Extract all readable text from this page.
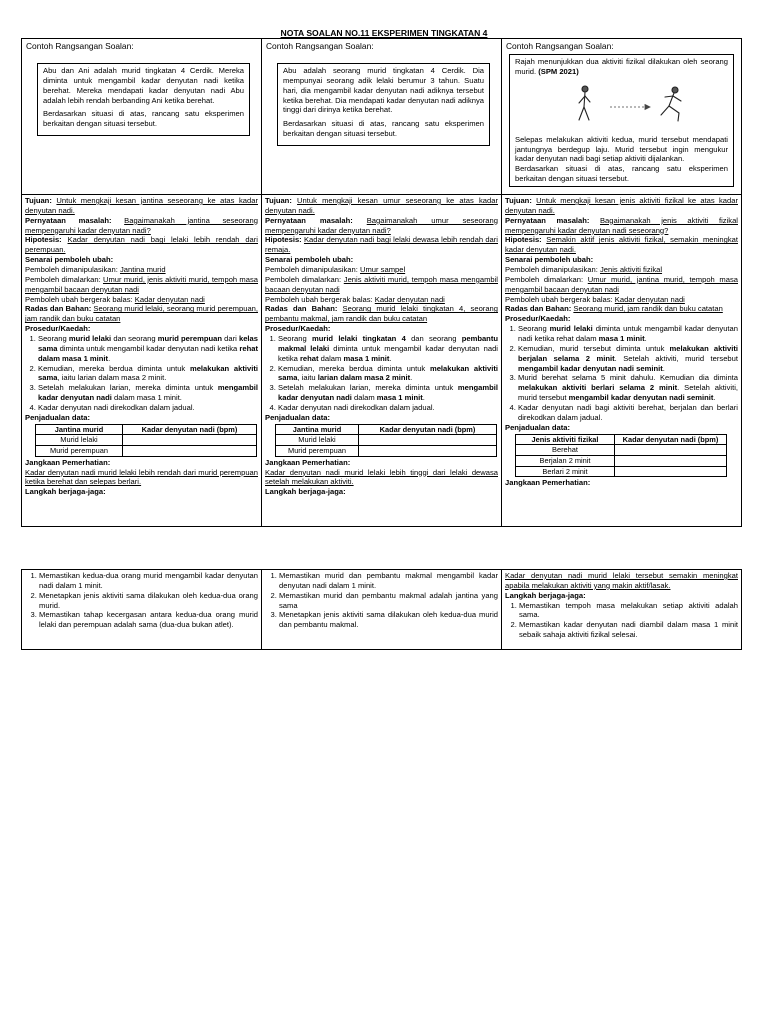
NOTA SOALAN NO.11 EKSPERIMEN TINGKATAN 4
Contoh Rangsangan Soalan:

Abu dan Ani adalah murid tingkatan 4 Cerdik. Mereka diminta untuk mengambil kadar denyutan nadi ketika berehat. Mereka mendapati kadar denyutan nadi Abu adalah lebih rendah berbanding Ani ketika berehat.

Berdasarkan situasi di atas, rancang satu eksperimen berkaitan dengan situasi tersebut.

Contoh Rangsangan Soalan:

Abu adalah seorang murid tingkatan 4 Cerdik. Dia mempunyai seorang adik lelaki berumur 3 tahun. Suatu hari, dia mengambil kadar denyutan nadi adiknya tersebut ketika berehat. Dia mendapati kadar denyutan nadi adiknya tinggi dari dirinya ketika berehat.

Berdasarkan situasi di atas, rancang satu eksperimen berkaitan dengan situasi tersebut.

Contoh Rangsangan Soalan:

Rajah menunjukkan dua aktiviti fizikal dilakukan oleh seorang murid. (SPM 2021)

Selepas melakukan aktiviti kedua, murid tersebut mendapati jantungnya berdegup laju. Murid tersebut ingin mengukur kadar denyutan nadi bagi setiap aktiviti dijalankan.

Berdasarkan situasi di atas, rancang satu eksperimen berkaitan dengan situasi tersebut.

Tujuan: Untuk mengkaji kesan jantina seseorang ke atas kadar denyutan nadi.

Pernyataan masalah: Bagaimanakah jantina seseorang mempengaruhi kadar denyutan nadi?

Hipotesis: Kadar denyutan nadi bagi lelaki lebih rendah dari perempuan.

Senarai pemboleh ubah:

Pemboleh dimanipulasikan: Jantina murid

Pemboleh dimalarkan: Umur murid, jenis aktiviti murid, tempoh masa mengambil bacaan denyutan nadi

Pemboleh ubah bergerak balas: Kadar denyutan nadi

Radas dan Bahan: Seorang murid lelaki, seorang murid perempuan, jam randik dan buku catatan

Prosedur/Kaedah:

1. Seorang murid lelaki dan seorang murid perempuan dari kelas sama diminta untuk mengambil kadar denyutan nadi ketika rehat dalam masa 1 minit.
2. Kemudian, mereka berdua diminta untuk melakukan aktiviti sama, iaitu larian dalam masa 2 minit.
3. Setelah melakukan larian, mereka diminta untuk mengambil kadar denyutan nadi dalam masa 1 minit.
4. Kadar denyutan nadi direkodkan dalam jadual.

Penjadualan data:

Jantina murid	Kadar denyutan nadi (bpm)
Murid lelaki	
Murid perempuan	

Jangkaan Pemerhatian:

Kadar denyutan nadi murid lelaki lebih rendah dari murid perempuan ketika berehat dan selepas berlari.

Langkah berjaga-jaga:

Tujuan: Untuk mengkaji kesan umur seseorang ke atas kadar denyutan nadi.

Pernyataan masalah: Bagaimanakah umur seseorang mempengaruhi kadar denyutan nadi?

Hipotesis: Kadar denyutan nadi bagi lelaki dewasa lebih rendah dari remaja.

Senarai pemboleh ubah:

Pemboleh dimanipulasikan: Umur sampel

Pemboleh dimalarkan: Jenis aktiviti murid, tempoh masa mengambil bacaan denyutan nadi

Pemboleh ubah bergerak balas: Kadar denyutan nadi

Radas dan Bahan: Seorang murid lelaki tingkatan 4, seorang pembantu makmal, jam randik dan buku catatan

Prosedur/Kaedah:

1. Seorang murid lelaki tingkatan 4 dan seorang pembantu makmal lelaki diminta untuk mengambil kadar denyutan nadi ketika rehat dalam masa 1 minit.
2. Kemudian, mereka berdua diminta untuk melakukan aktiviti sama, iaitu larian dalam masa 2 minit.
3. Setelah melakukan larian, mereka diminta untuk mengambil kadar denyutan nadi dalam masa 1 minit.
4. Kadar denyutan nadi direkodkan dalam jadual.

Penjadualan data:

Jantina murid	Kadar denyutan nadi (bpm)
Murid lelaki	
Murid perempuan	

Jangkaan Pemerhatian:

Kadar denyutan nadi murid lelaki lebih tinggi dari lelaki dewasa setelah melakukan aktiviti.

Langkah berjaga-jaga:

Tujuan: Untuk mengkaji kesan jenis aktiviti fizikal ke atas kadar denyutan nadi.

Pernyataan masalah: Bagaimanakah jenis aktiviti fizikal mempengaruhi kadar denyutan nadi seseorang?

Hipotesis: Semakin aktif jenis aktiviti fizikal, semakin meningkat kadar denyutan nadi.

Senarai pemboleh ubah:

Pemboleh dimanipulasikan: Jenis aktiviti fizikal

Pemboleh dimalarkan: Umur murid, jantina murid, tempoh masa mengambil bacaan denyutan nadi

Pemboleh ubah bergerak balas: Kadar denyutan nadi

Radas dan Bahan: Seorang murid, jam randik dan buku catatan

Prosedur/Kaedah:

1. Seorang murid lelaki diminta untuk mengambil kadar denyutan nadi ketika rehat dalam masa 1 minit.
2. Kemudian, murid tersebut diminta untuk melakukan aktiviti berjalan selama 2 minit. Setelah aktiviti, murid tersebut mengambil kadar denyutan nadi seminit.
3. Murid berehat selama 5 minit dahulu. Kemudian dia diminta melakukan aktiviti berlari selama 2 minit. Setelah aktiviti, murid tersebut mengambil kadar denyutan nadi seminit.
4. Kadar denyutan nadi bagi aktiviti berehat, berjalan dan berlari direkodkan dalam jadual.

Penjadualan data:

Jenis aktiviti fizikal	Kadar denyutan nadi (bpm)
Berehat	
Berjalan 2 minit	
Berlari 2 minit	

Jangkaan Pemerhatian:

1. Memastikan kedua-dua orang murid mengambil kadar denyutan nadi dalam 1 minit.
2. Menetapkan jenis aktiviti sama dilakukan oleh kedua-dua orang murid.
3. Memastikan tahap kecergasan antara kedua-dua orang murid lelaki dan perempuan adalah sama (dua-dua bukan atlet).
1. Memastikan murid dan pembantu makmal mengambil kadar denyutan nadi dalam 1 minit.
2. Memastikan murid dan pembantu makmal adalah jantina yang sama
3. Menetapkan jenis aktiviti sama dilakukan oleh kedua-dua murid dan pembantu makmal.

Kadar denyutan nadi murid lelaki tersebut semakin meningkat apabila melakukan aktiviti yang makin aktif/lasak.

Langkah berjaga-jaga:

1. Memastikan tempoh masa melakukan setiap aktiviti adalah sama.
2. Memastikan kadar denyutan nadi diambil dalam masa 1 minit sebaik sahaja aktiviti fizikal selesai.
